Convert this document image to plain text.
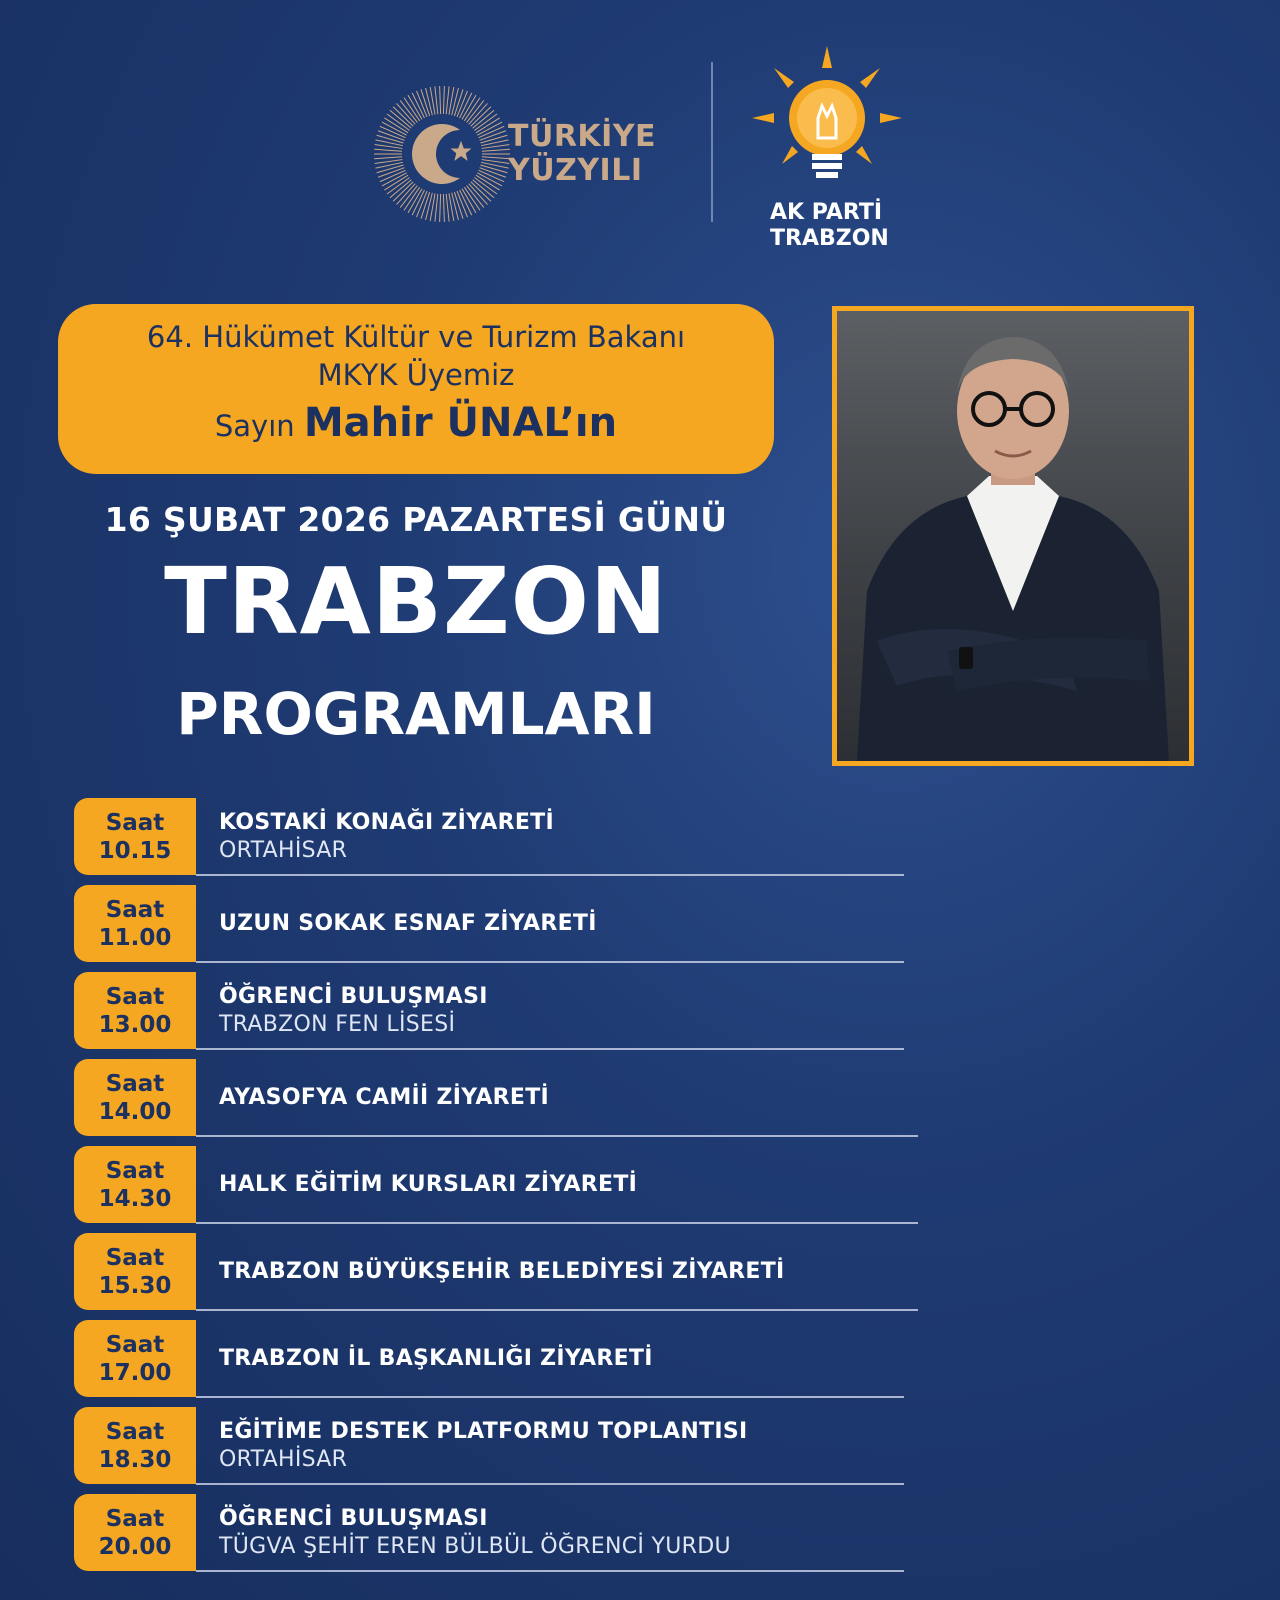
TÜRKİYE
YÜZYILI
AK PARTİ
TRABZON
64. Hükümet Kültür ve Turizm Bakanı
MKYK Üyemiz
Sayın Mahir ÜNAL’ın
16 ŞUBAT 2026 PAZARTESİ GÜNÜ
TRABZON
PROGRAMLARI
Saat
10.15
KOSTAKİ KONAĞI ZİYARETİ
ORTAHİSAR
Saat
11.00
UZUN SOKAK ESNAF ZİYARETİ
Saat
13.00
ÖĞRENCİ BULUŞMASI
TRABZON FEN LİSESİ
Saat
14.00
AYASOFYA CAMİİ ZİYARETİ
Saat
14.30
HALK EĞİTİM KURSLARI ZİYARETİ
Saat
15.30
TRABZON BÜYÜKŞEHİR BELEDİYESİ ZİYARETİ
Saat
17.00
TRABZON İL BAŞKANLIĞI ZİYARETİ
Saat
18.30
EĞİTİME DESTEK PLATFORMU TOPLANTISI
ORTAHİSAR
Saat
20.00
ÖĞRENCİ BULUŞMASI
TÜGVA ŞEHİT EREN BÜLBÜL ÖĞRENCİ YURDU
